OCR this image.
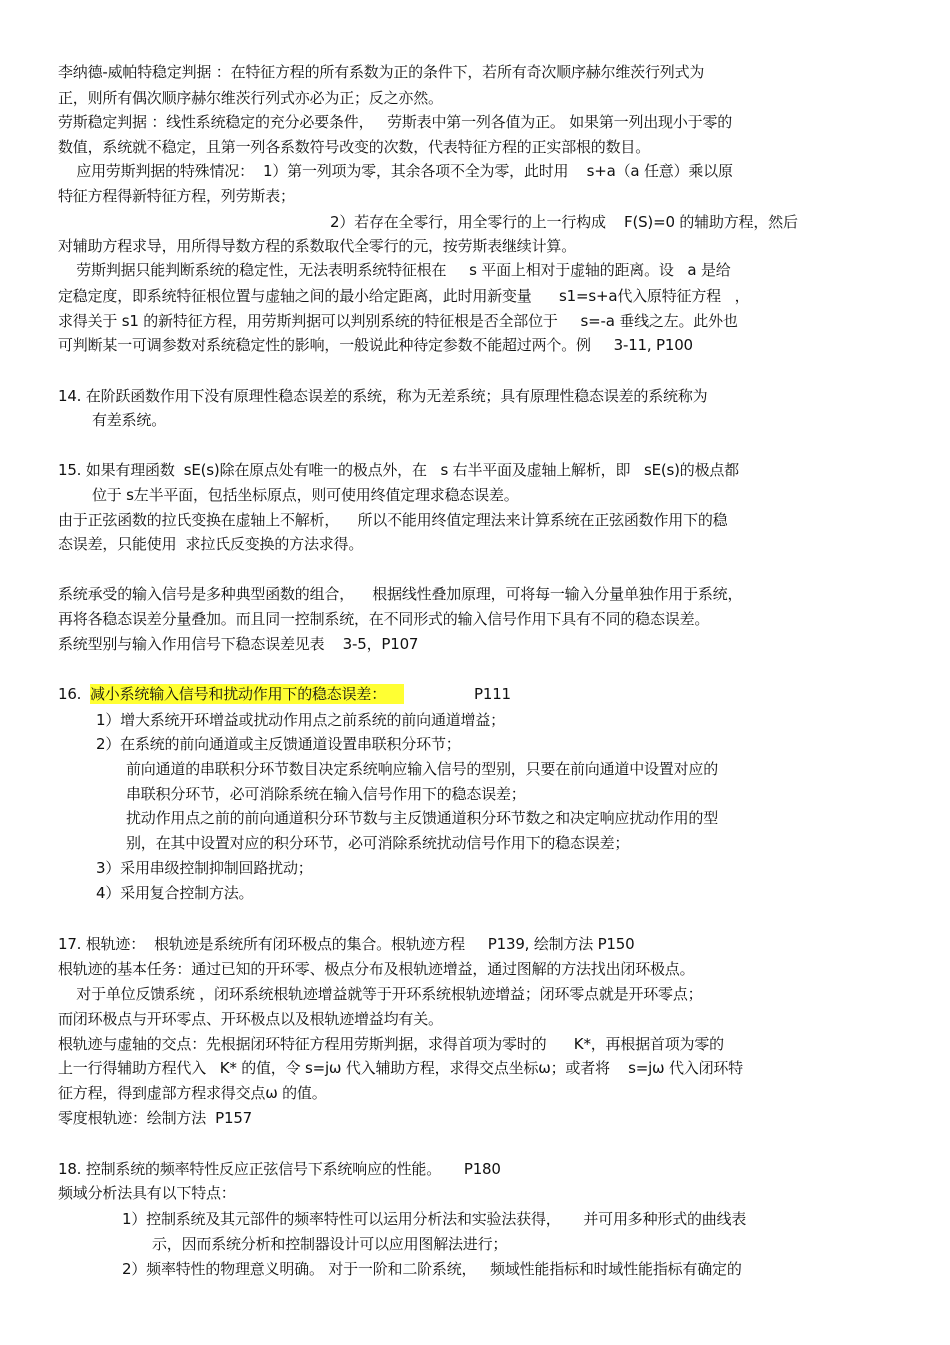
李纳德-威帕特稳定判据 ：在特征方程的所有系数为正的条件下，若所有奇次顺序赫尔维茨行列式为
正，则所有偶次顺序赫尔维茨行列式亦必为正；反之亦然。
劳斯稳定判据 ：线性系统稳定的充分必要条件，   劳斯表中第一列各值为正。 如果第一列出现小于零的
数值，系统就不稳定，且第一列各系数符号改变的次数，代表特征方程的正实部根的数目。
应用劳斯判据的特殊情况：  1）第一列项为零，其余各项不全为零，此时用    s+a（a 任意）乘以原
特征方程得新特征方程，列劳斯表；
2）若存在全零行，用全零行的上一行构成    F(S)=0 的辅助方程，然后
对辅助方程求导，用所得导数方程的系数取代全零行的元，按劳斯表继续计算。
劳斯判据只能判断系统的稳定性，无法表明系统特征根在     s 平面上相对于虚轴的距离。设   a 是给
定稳定度，即系统特征根位置与虚轴之间的最小给定距离，此时用新变量      s1=s+a代入原特征方程   ，
求得关于 s1 的新特征方程，用劳斯判据可以判别系统的特征根是否全部位于     s=-a 垂线之左。此外也
可判断某一可调参数对系统稳定性的影响，一般说此种待定参数不能超过两个。例     3-11, P100
14. 在阶跃函数作用下没有原理性稳态误差的系统，称为无差系统；具有原理性稳态误差的系统称为
有差系统。
15. 如果有理函数  sE(s)除在原点处有唯一的极点外，在   s 右半平面及虚轴上解析，即   sE(s)的极点都
位于 s左半平面，包括坐标原点，则可使用终值定理求稳态误差。
由于正弦函数的拉氏变换在虚轴上不解析，    所以不能用终值定理法来计算系统在正弦函数作用下的稳
态误差，只能使用  求拉氏反变换的方法求得。
系统承受的输入信号是多种典型函数的组合，    根据线性叠加原理，可将每一输入分量单独作用于系统，
再将各稳态误差分量叠加。而且同一控制系统，在不同形式的输入信号作用下具有不同的稳态误差。
系统型别与输入作用信号下稳态误差见表    3-5，P107
16. 减小系统输入信号和扰动作用下的稳态误差：	P111
1）增大系统开环增益或扰动作用点之前系统的前向通道增益；
2）在系统的前向通道或主反馈通道设置串联积分环节；
前向通道的串联积分环节数目决定系统响应输入信号的型别，只要在前向通道中设置对应的
串联积分环节，必可消除系统在输入信号作用下的稳态误差；
扰动作用点之前的前向通道积分环节数与主反馈通道积分环节数之和决定响应扰动作用的型
别，在其中设置对应的积分环节，必可消除系统扰动信号作用下的稳态误差；
3）采用串级控制抑制回路扰动；
4）采用复合控制方法。
17. 根轨迹：  根轨迹是系统所有闭环极点的集合。根轨迹方程     P139, 绘制方法 P150
根轨迹的基本任务：通过已知的开环零、极点分布及根轨迹增益，通过图解的方法找出闭环极点。
对于单位反馈系统 ，闭环系统根轨迹增益就等于开环系统根轨迹增益；闭环零点就是开环零点；
而闭环极点与开环零点、开环极点以及根轨迹增益均有关。
根轨迹与虚轴的交点：先根据闭环特征方程用劳斯判据，求得首项为零时的      K*，再根据首项为零的
上一行得辅助方程代入   K* 的值，令 s=jω 代入辅助方程，求得交点坐标ω；或者将    s=jω 代入闭环特
征方程，得到虚部方程求得交点ω 的值。
零度根轨迹：绘制方法  P157
18. 控制系统的频率特性反应正弦信号下系统响应的性能。     P180
频域分析法具有以下特点：
1）控制系统及其元部件的频率特性可以运用分析法和实验法获得，     并可用多种形式的曲线表
示，因而系统分析和控制器设计可以应用图解法进行；
2）频率特性的物理意义明确。 对于一阶和二阶系统，   频域性能指标和时域性能指标有确定的
